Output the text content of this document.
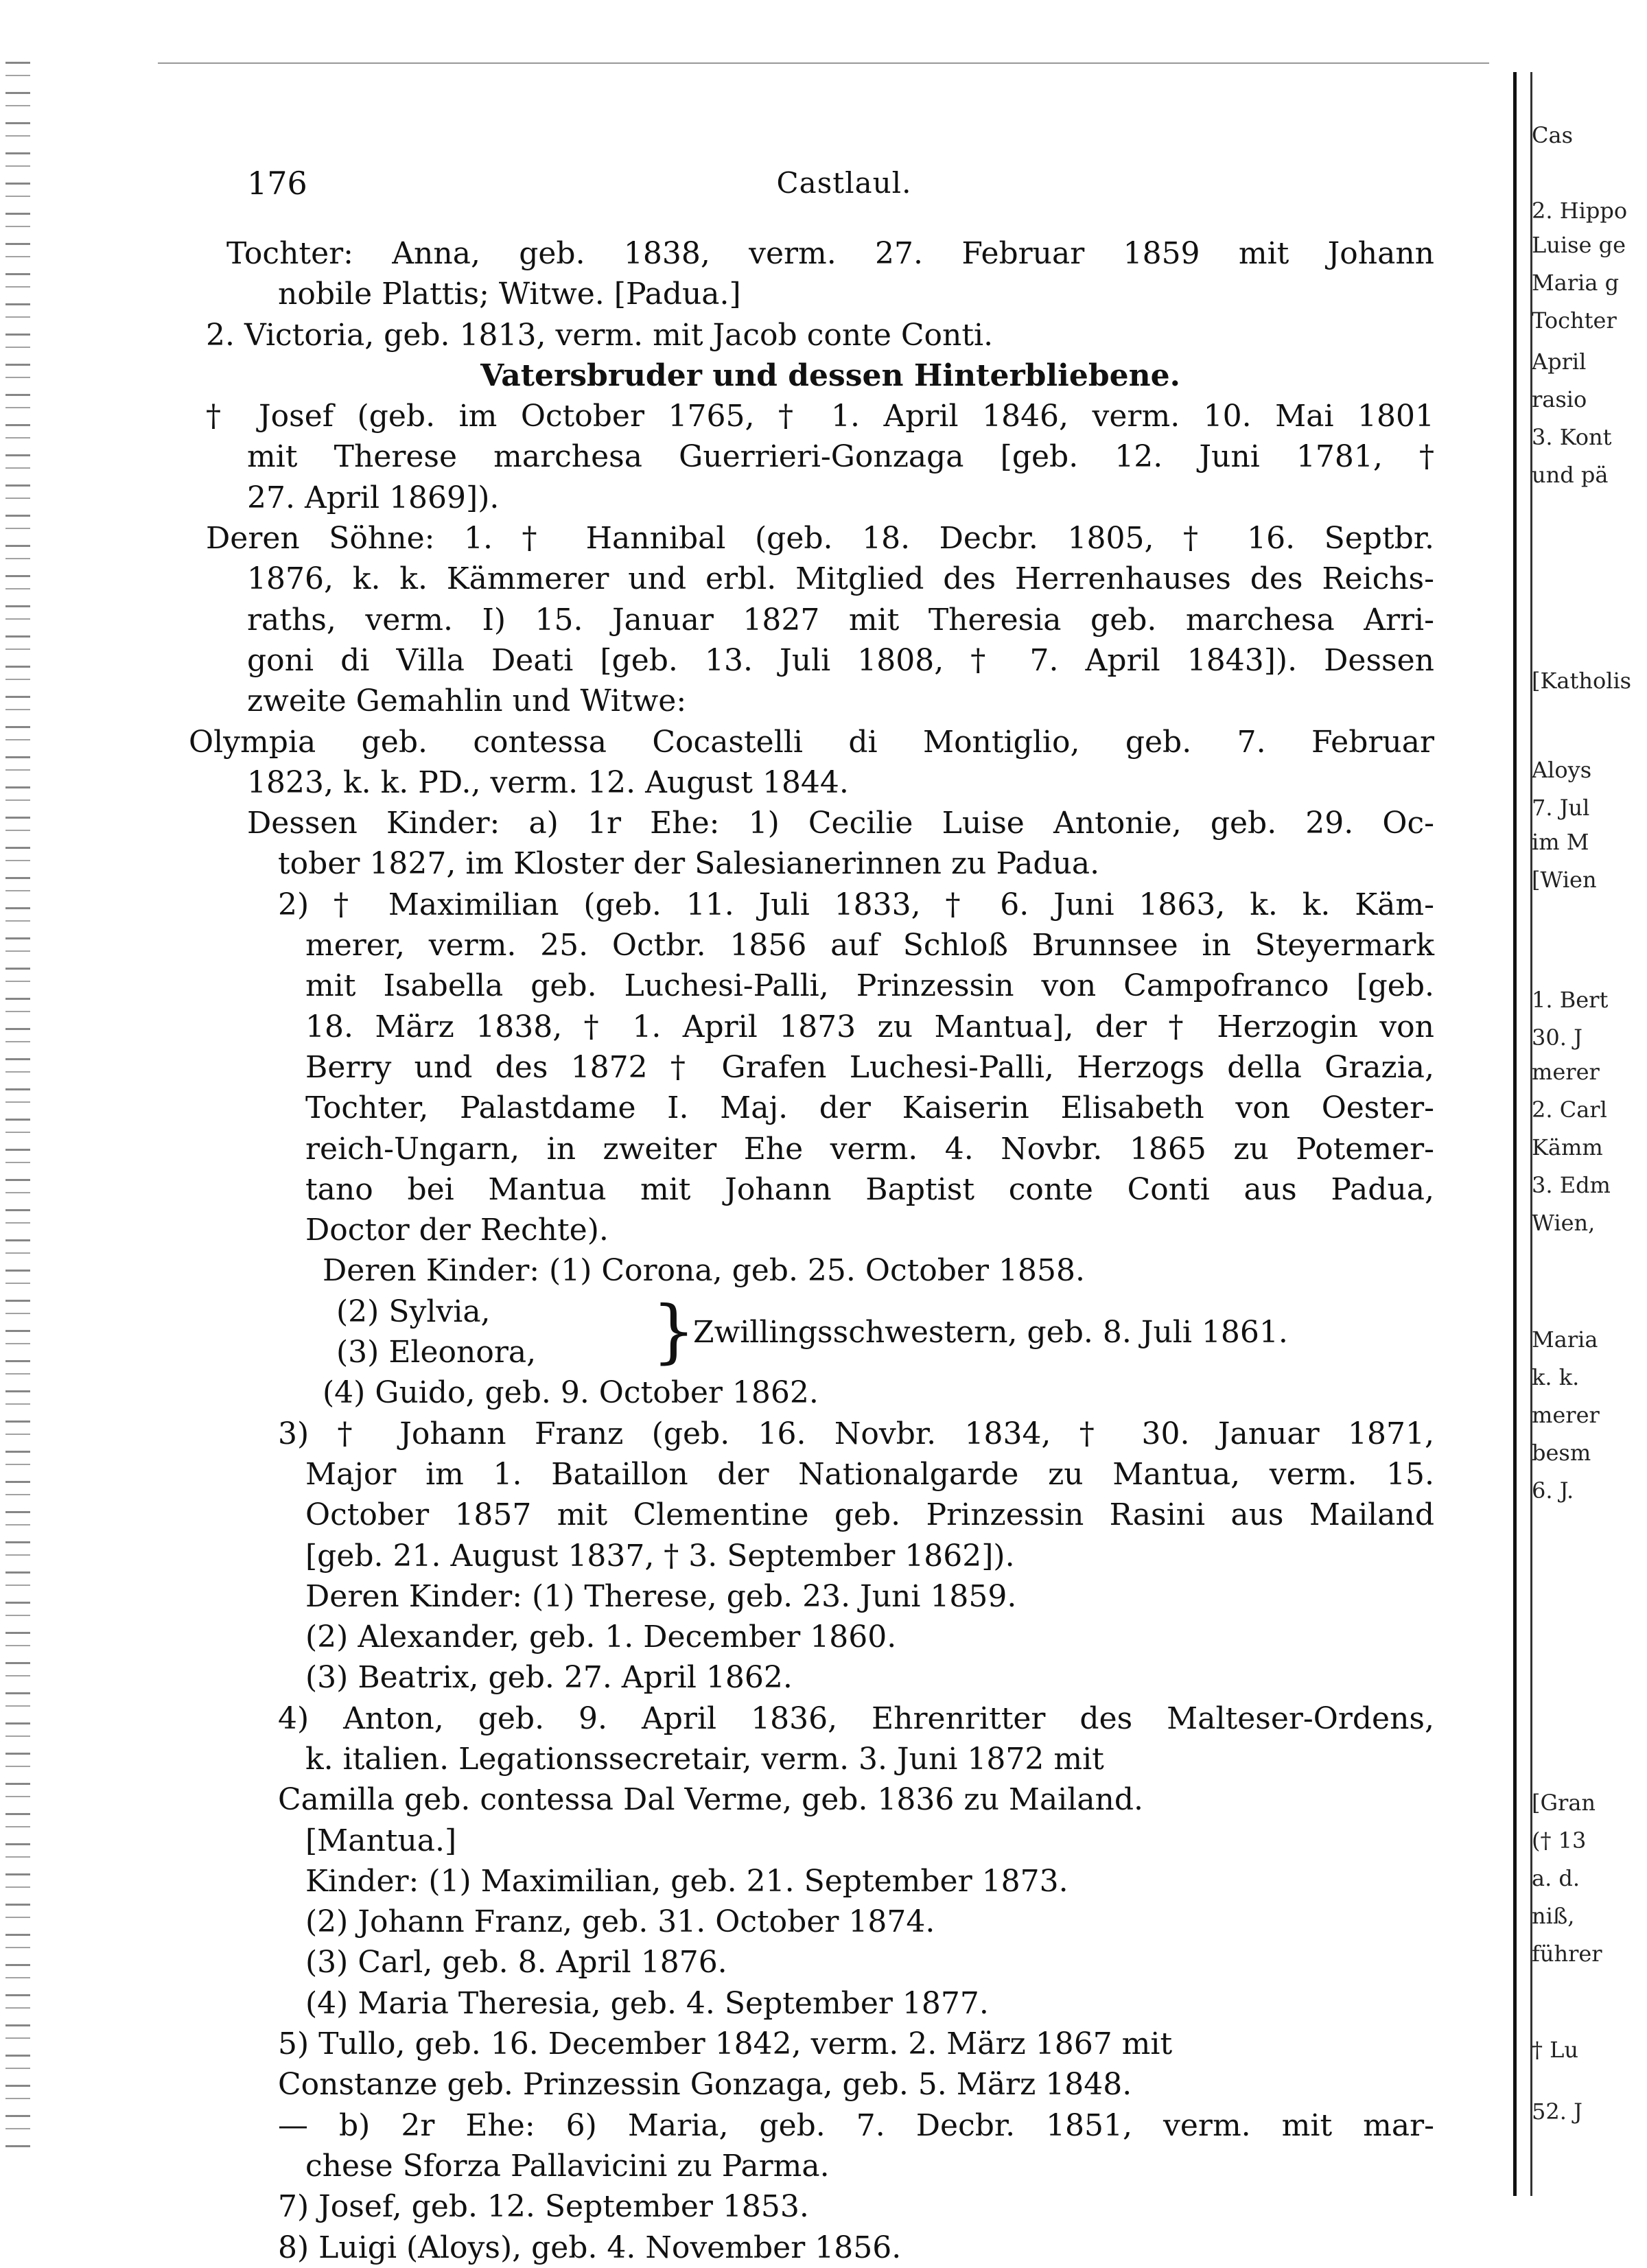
176	Castlaul.
Tochter: Anna, geb. 1838, verm. 27. Februar 1859 mit Johann
nobile Plattis; Witwe. [Padua.]
2. Victoria, geb. 1813, verm. mit Jacob conte Conti.
Vatersbruder und dessen Hinterbliebene.
† Josef (geb. im October 1765, † 1. April 1846, verm. 10. Mai 1801
mit Therese marchesa Guerrieri-Gonzaga [geb. 12. Juni 1781, †
27. April 1869]).
Deren Söhne: 1. † Hannibal (geb. 18. Decbr. 1805, † 16. Septbr.
1876, k. k. Kämmerer und erbl. Mitglied des Herrenhauses des Reichs-
raths, verm. I) 15. Januar 1827 mit Theresia geb. marchesa Arri-
goni di Villa Deati [geb. 13. Juli 1808, † 7. April 1843]). Dessen
zweite Gemahlin und Witwe:
Olympia geb. contessa Cocastelli di Montiglio, geb. 7. Februar
1823, k. k. PD., verm. 12. August 1844.
Dessen Kinder: a) 1r Ehe: 1) Cecilie Luise Antonie, geb. 29. Oc-
tober 1827, im Kloster der Salesianerinnen zu Padua.
2) † Maximilian (geb. 11. Juli 1833, † 6. Juni 1863, k. k. Käm-
merer, verm. 25. Octbr. 1856 auf Schloß Brunnsee in Steyermark
mit Isabella geb. Luchesi-Palli, Prinzessin von Campofranco [geb.
18. März 1838, † 1. April 1873 zu Mantua], der † Herzogin von
Berry und des 1872 † Grafen Luchesi-Palli, Herzogs della Grazia,
Tochter, Palastdame I. Maj. der Kaiserin Elisabeth von Oester-
reich-Ungarn, in zweiter Ehe verm. 4. Novbr. 1865 zu Potemer-
tano bei Mantua mit Johann Baptist conte Conti aus Padua,
Doctor der Rechte).
Deren Kinder: (1) Corona, geb. 25. October 1858.
(2) Sylvia,
(3) Eleonora, }
Zwillingsschwestern, geb. 8. Juli 1861.
(4) Guido, geb. 9. October 1862.
3) † Johann Franz (geb. 16. Novbr. 1834, † 30. Januar 1871,
Major im 1. Bataillon der Nationalgarde zu Mantua, verm. 15.
October 1857 mit Clementine geb. Prinzessin Rasini aus Mailand
[geb. 21. August 1837, † 3. September 1862]).
Deren Kinder: (1) Therese, geb. 23. Juni 1859.
(2) Alexander, geb. 1. December 1860.
(3) Beatrix, geb. 27. April 1862.
4) Anton, geb. 9. April 1836, Ehrenritter des Malteser-Ordens,
k. italien. Legationssecretair, verm. 3. Juni 1872 mit
Camilla geb. contessa Dal Verme, geb. 1836 zu Mailand.
[Mantua.]
Kinder: (1) Maximilian, geb. 21. September 1873.
(2) Johann Franz, geb. 31. October 1874.
(3) Carl, geb. 8. April 1876.
(4) Maria Theresia, geb. 4. September 1877.
5) Tullo, geb. 16. December 1842, verm. 2. März 1867 mit
Constanze geb. Prinzessin Gonzaga, geb. 5. März 1848.
— b) 2r Ehe: 6) Maria, geb. 7. Decbr. 1851, verm. mit mar-
chese Sforza Pallavicini zu Parma.
7) Josef, geb. 12. September 1853.
8) Luigi (Aloys), geb. 4. November 1856.
Cas
2. Hippo
Luise ge
Maria g
Tochter
April
rasio
3. Kont
und pä
[Katholis
Aloys
7. Jul
im M
[Wien
1. Bert
30. J
merer
2. Carl
Kämm
3. Edm
Wien,
Maria
k. k.
merer
besm
6. J.
[Gran
(† 13
a. d.
niß,
führer
† Lu
52. J
